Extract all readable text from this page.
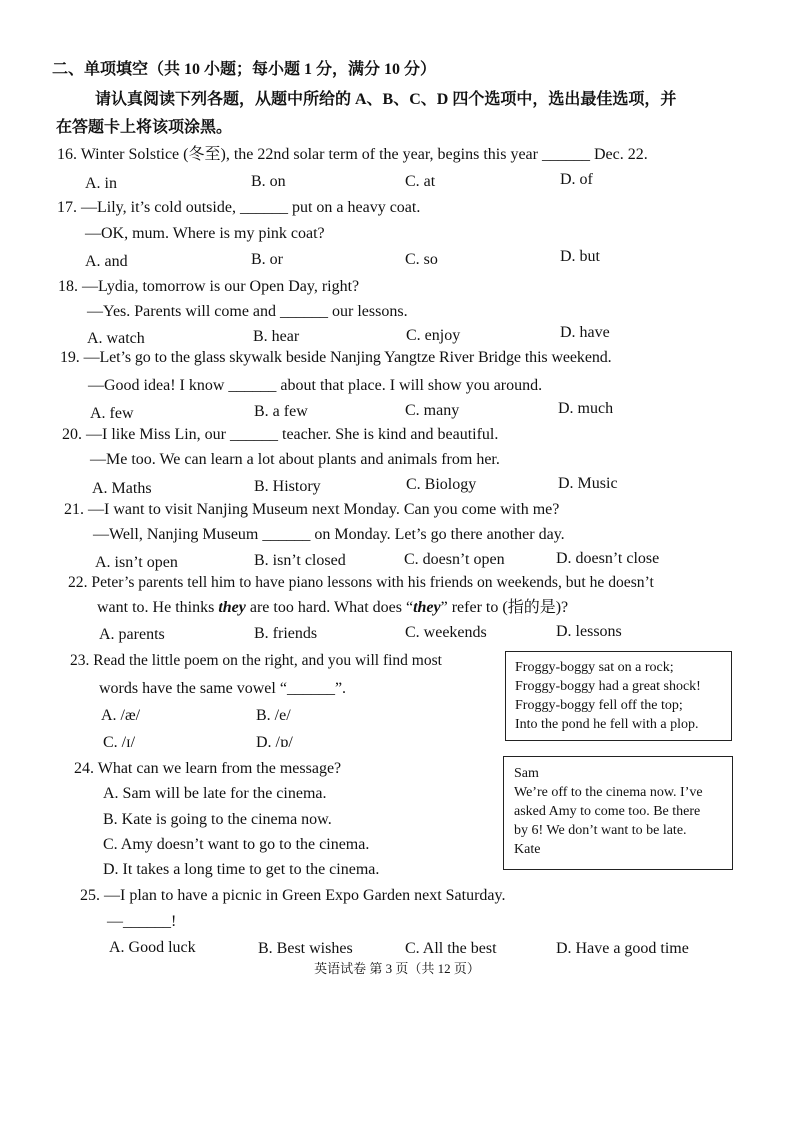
二、单项填空（共 10 小题；每小题 1 分，满分 10 分）
请认真阅读下列各题，从题中所给的 A、B、C、D 四个选项中，选出最佳选项，并
在答题卡上将该项涂黑。
16. Winter Solstice (冬至), the 22nd solar term of the year, begins this year ______ Dec. 22.
A. in	B. on	C. at	D. of
17. —Lily, it’s cold outside, ______ put on a heavy coat.
—OK, mum. Where is my pink coat?
A. and	B. or	C. so	D. but
18. —Lydia, tomorrow is our Open Day, right?
—Yes. Parents will come and ______ our lessons.
A. watch	B. hear	C. enjoy	D. have
19. —Let’s go to the glass skywalk beside Nanjing Yangtze River Bridge this weekend.
—Good idea! I know ______ about that place. I will show you around.
A. few	B. a few	C. many	D. much
20. —I like Miss Lin, our ______ teacher. She is kind and beautiful.
—Me too. We can learn a lot about plants and animals from her.
A. Maths	B. History	C. Biology	D. Music
21. —I want to visit Nanjing Museum next Monday. Can you come with me?
—Well, Nanjing Museum ______ on Monday. Let’s go there another day.
A. isn’t open	B. isn’t closed	C. doesn’t open	D. doesn’t close
22. Peter’s parents tell him to have piano lessons with his friends on weekends, but he doesn’t
want to. He thinks they are too hard. What does “they” refer to (指的是)?
A. parents	B. friends	C. weekends	D. lessons
23. Read the little poem on the right, and you will find most
words have the same vowel “______”.
A. /æ/	B. /e/
C. /ɪ/	D. /ɒ/
Froggy-boggy sat on a rock;
Froggy-boggy had a great shock!
Froggy-boggy fell off the top;
Into the pond he fell with a plop.
24. What can we learn from the message?
A. Sam will be late for the cinema.
B. Kate is going to the cinema now.
C. Amy doesn’t want to go to the cinema.
D. It takes a long time to get to the cinema.
Sam
We’re off to the cinema now. I’ve
asked Amy to come too. Be there
by 6! We don’t want to be late.
Kate
25. —I plan to have a picnic in Green Expo Garden next Saturday.
—______!
A. Good luck	B. Best wishes	C. All the best	D. Have a good time
英语试卷 第 3 页（共 12 页）
